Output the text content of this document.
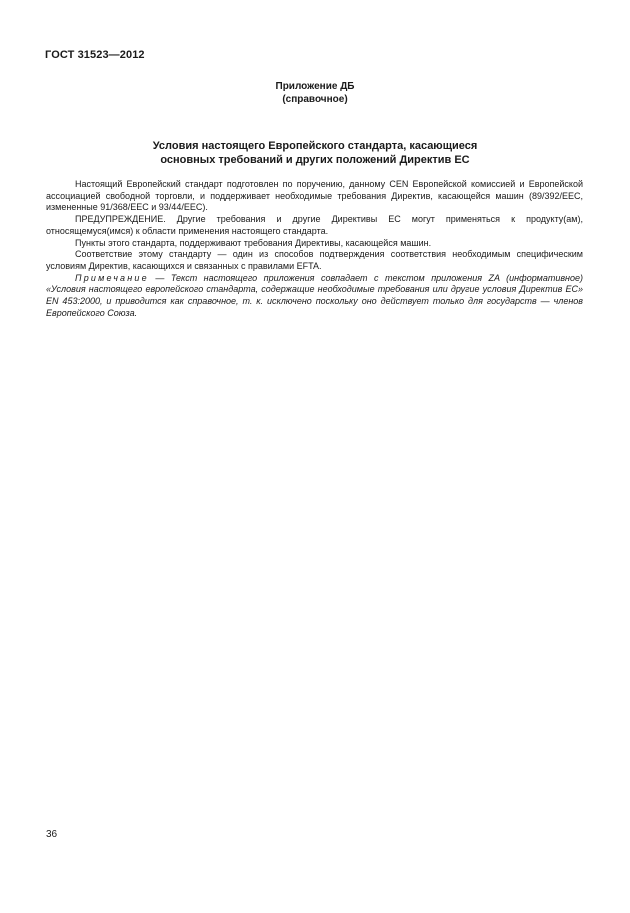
ГОСТ 31523—2012
Приложение ДБ
(справочное)
Условия настоящего Европейского стандарта, касающиеся
основных требований и других положений Директив ЕС

Настоящий Европейский стандарт подготовлен по поручению, данному CEN Европейской комиссией и Европейской ассоциацией свободной торговли, и поддерживает необходимые требования Директив, касающейся машин (89/392/EEC, измененные 91/368/EEC и 93/44/EEC).

ПРЕДУПРЕЖДЕНИЕ. Другие требования и другие Директивы ЕС могут применяться к продукту(ам), относящемуся(имся) к области применения настоящего стандарта.

Пункты этого стандарта, поддерживают требования Директивы, касающейся машин.

Соответствие этому стандарту — один из способов подтверждения соответствия необходимым специфическим условиям Директив, касающихся и связанных с правилами EFTA.

Примечание — Текст настоящего приложения совпадает с текстом приложения ZA (информативное) «Условия настоящего европейского стандарта, содержащие необходимые требования или другие условия Директив ЕС» EN 453:2000, и приводится как справочное, т. к. исключено поскольку оно действует только для государств — членов Европейского Союза.

36
